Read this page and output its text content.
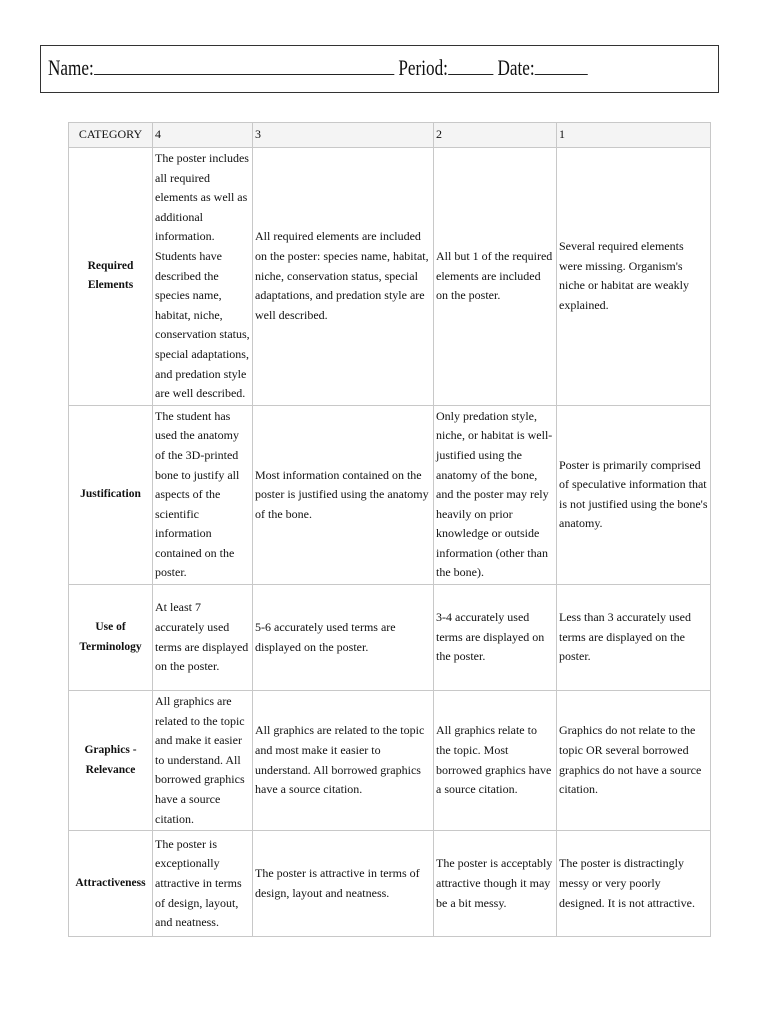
Name:	Period: Date:
CATEGORY	4	3	2	1

Required Elements	The poster includes all required elements as well as additional information. Students have described the species name, habitat, niche, conservation status, special adaptations, and predation style are well described.	All required elements are included on the poster: species name, habitat, niche, conservation status, special adaptations, and predation style are well described.	All but 1 of the required elements are included on the poster.	Several required elements were missing. Organism's niche or habitat are weakly explained.

Justification	The student has used the anatomy of the 3D-printed bone to justify all aspects of the scientific information contained on the poster.	Most information contained on the poster is justified using the anatomy of the bone.	Only predation style, niche, or habitat is well-justified using the anatomy of the bone, and the poster may rely heavily on prior knowledge or outside information (other than the bone).	Poster is primarily comprised of speculative information that is not justified using the bone's anatomy.

Use of Terminology	At least 7 accurately used terms are displayed on the poster.	5-6 accurately used terms are displayed on the poster.	3-4 accurately used terms are displayed on the poster.	Less than 3 accurately used terms are displayed on the poster.

Graphics - Relevance	All graphics are related to the topic and make it easier to understand. All borrowed graphics have a source citation.	All graphics are related to the topic and most make it easier to understand. All borrowed graphics have a source citation.	All graphics relate to the topic. Most borrowed graphics have a source citation.	Graphics do not relate to the topic OR several borrowed graphics do not have a source citation.

Attractiveness	The poster is exceptionally attractive in terms of design, layout, and neatness.	The poster is attractive in terms of design, layout and neatness.	The poster is acceptably attractive though it may be a bit messy.	The poster is distractingly messy or very poorly designed. It is not attractive.
